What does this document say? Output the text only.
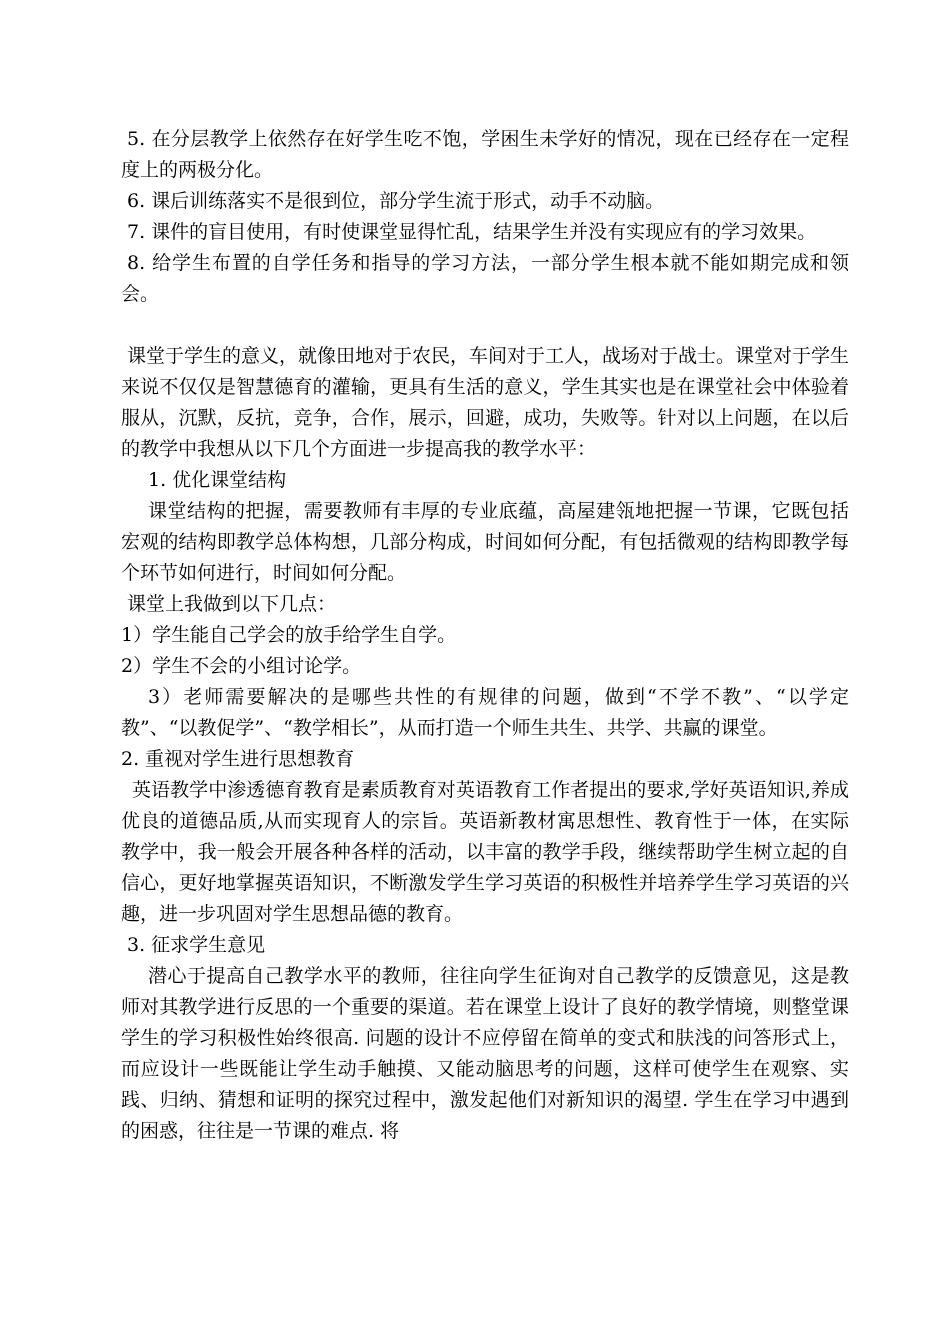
5. 在分层教学上依然存在好学生吃不饱，学困生未学好的情况，现在已经存在一定程度上的两极分化。

6. 课后训练落实不是很到位，部分学生流于形式，动手不动脑。

7. 课件的盲目使用，有时使课堂显得忙乱，结果学生并没有实现应有的学习效果。

8. 给学生布置的自学任务和指导的学习方法，一部分学生根本就不能如期完成和领会。

课堂于学生的意义，就像田地对于农民，车间对于工人，战场对于战士。课堂对于学生来说不仅仅是智慧德育的灌输，更具有生活的意义，学生其实也是在课堂社会中体验着服从，沉默，反抗，竞争，合作，展示，回避，成功，失败等。针对以上问题，在以后的教学中我想从以下几个方面进一步提高我的教学水平：

1. 优化课堂结构

课堂结构的把握，需要教师有丰厚的专业底蕴，高屋建瓴地把握一节课，它既包括宏观的结构即教学总体构想，几部分构成，时间如何分配，有包括微观的结构即教学每个环节如何进行，时间如何分配。

课堂上我做到以下几点：

1）学生能自己学会的放手给学生自学。

2）学生不会的小组讨论学。

3）老师需要解决的是哪些共性的有规律的问题，做到“不学不教”、“以学定教”、“以教促学”、“教学相长”，从而打造一个师生共生、共学、共赢的课堂。

2. 重视对学生进行思想教育

英语教学中渗透德育教育是素质教育对英语教育工作者提出的要求,学好英语知识,养成优良的道德品质,从而实现育人的宗旨。英语新教材寓思想性、教育性于一体，在实际教学中，我一般会开展各种各样的活动，以丰富的教学手段，继续帮助学生树立起的自信心，更好地掌握英语知识，不断激发学生学习英语的积极性并培养学生学习英语的兴趣，进一步巩固对学生思想品德的教育。

3. 征求学生意见

潜心于提高自己教学水平的教师，往往向学生征询对自己教学的反馈意见，这是教师对其教学进行反思的一个重要的渠道。若在课堂上设计了良好的教学情境，则整堂课学生的学习积极性始终很高. 问题的设计不应停留在简单的变式和肤浅的问答形式上，而应设计一些既能让学生动手触摸、又能动脑思考的问题，这样可使学生在观察、实践、归纳、猜想和证明的探究过程中，激发起他们对新知识的渴望. 学生在学习中遇到的困惑，往往是一节课的难点. 将
